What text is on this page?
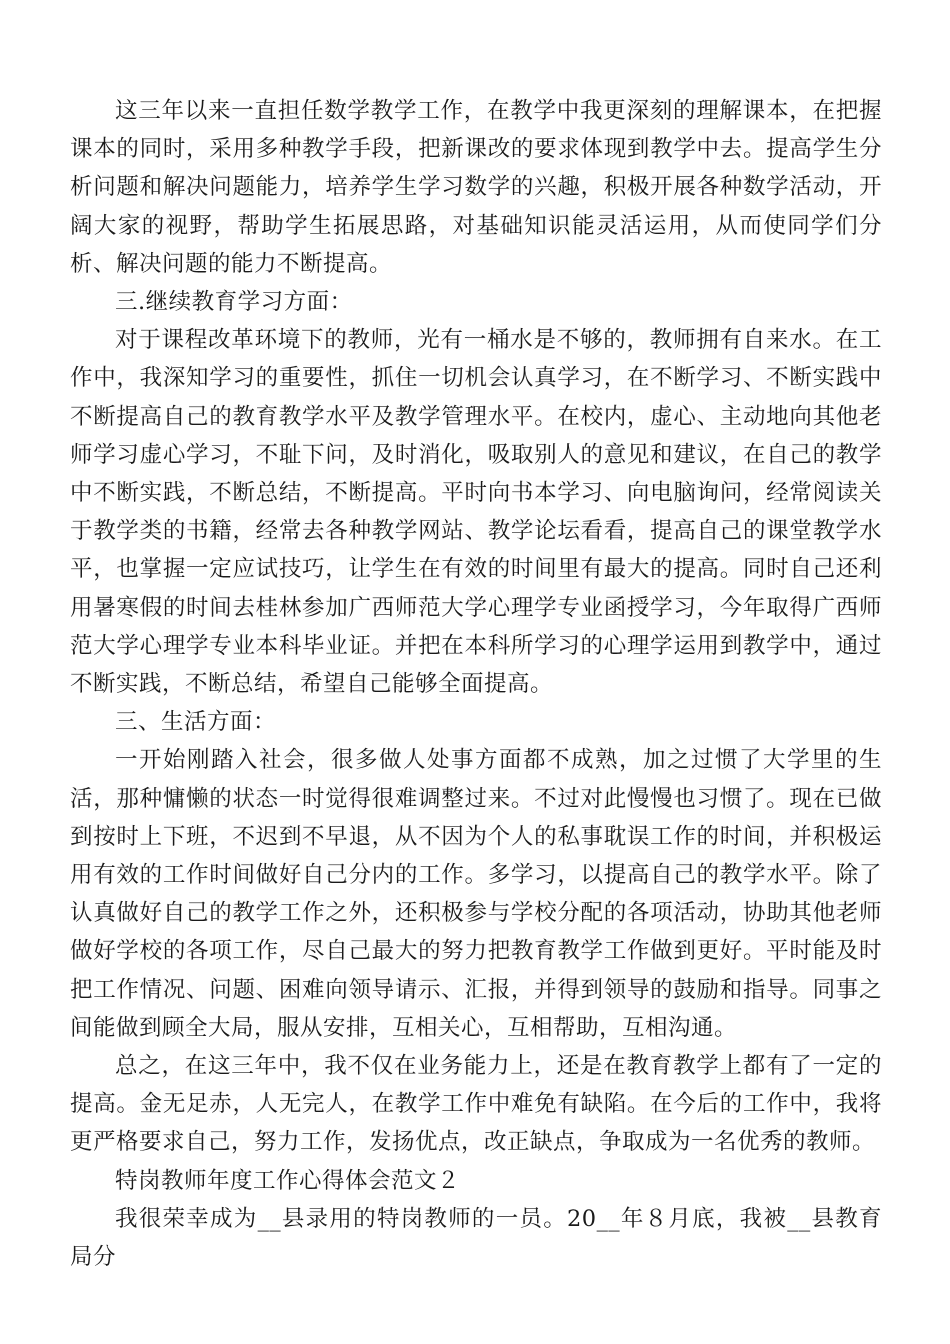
这三年以来一直担任数学教学工作，在教学中我更深刻的理解课本，在把握课本的同时，采用多种教学手段，把新课改的要求体现到教学中去。提高学生分析问题和解决问题能力，培养学生学习数学的兴趣，积极开展各种数学活动，开阔大家的视野，帮助学生拓展思路，对基础知识能灵活运用，从而使同学们分析、解决问题的能力不断提高。

三.继续教育学习方面：

对于课程改革环境下的教师，光有一桶水是不够的，教师拥有自来水。在工作中，我深知学习的重要性，抓住一切机会认真学习，在不断学习、不断实践中不断提高自己的教育教学水平及教学管理水平。在校内，虚心、主动地向其他老师学习虚心学习，不耻下问，及时消化，吸取别人的意见和建议，在自己的教学中不断实践，不断总结，不断提高。平时向书本学习、向电脑询问，经常阅读关于教学类的书籍，经常去各种教学网站、教学论坛看看，提高自己的课堂教学水平，也掌握一定应试技巧，让学生在有效的时间里有最大的提高。同时自己还利用暑寒假的时间去桂林参加广西师范大学心理学专业函授学习，今年取得广西师范大学心理学专业本科毕业证。并把在本科所学习的心理学运用到教学中，通过不断实践，不断总结，希望自己能够全面提高。

三、生活方面：

一开始刚踏入社会，很多做人处事方面都不成熟，加之过惯了大学里的生活，那种慵懒的状态一时觉得很难调整过来。不过对此慢慢也习惯了。现在已做到按时上下班，不迟到不早退，从不因为个人的私事耽误工作的时间，并积极运用有效的工作时间做好自己分内的工作。多学习，以提高自己的教学水平。除了认真做好自己的教学工作之外，还积极参与学校分配的各项活动，协助其他老师做好学校的各项工作，尽自己最大的努力把教育教学工作做到更好。平时能及时把工作情况、问题、困难向领导请示、汇报，并得到领导的鼓励和指导。同事之间能做到顾全大局，服从安排，互相关心，互相帮助，互相沟通。

总之，在这三年中，我不仅在业务能力上，还是在教育教学上都有了一定的提高。金无足赤，人无完人，在教学工作中难免有缺陷。在今后的工作中，我将更严格要求自己，努力工作，发扬优点，改正缺点，争取成为一名优秀的教师。

特岗教师年度工作心得体会范文２

我很荣幸成为__县录用的特岗教师的一员。20__年８月底，我被__县教育局分
